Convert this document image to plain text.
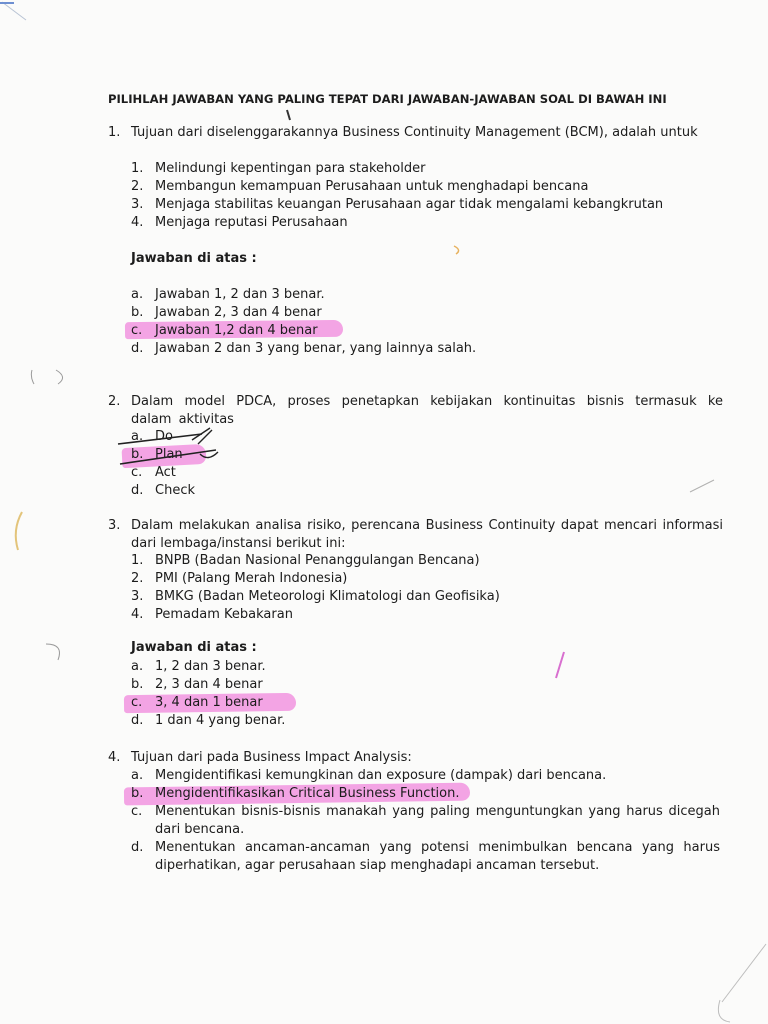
PILIHLAH JAWABAN YANG PALING TEPAT DARI JAWABAN-JAWABAN SOAL DI BAWAH INI
1. Tujuan dari diselenggarakannya Business Continuity Management (BCM), adalah untuk
1. Melindungi kepentingan para stakeholder
2. Membangun kemampuan Perusahaan untuk menghadapi bencana
3. Menjaga stabilitas keuangan Perusahaan agar tidak mengalami kebangkrutan
4. Menjaga reputasi Perusahaan
Jawaban di atas :
a. Jawaban 1, 2 dan 3 benar.
b. Jawaban 2, 3 dan 4 benar
c. Jawaban 1,2 dan 4 benar
d. Jawaban 2 dan 3 yang benar, yang lainnya salah.
2. Dalam model PDCA, proses penetapkan kebijakan kontinuitas bisnis termasuk ke dalam aktivitas
a. Do
b. Plan
c. Act
d. Check
3. Dalam melakukan analisa risiko, perencana Business Continuity dapat mencari informasi dari lembaga/instansi berikut ini:
1. BNPB (Badan Nasional Penanggulangan Bencana)
2. PMI (Palang Merah Indonesia)
3. BMKG (Badan Meteorologi Klimatologi dan Geofisika)
4. Pemadam Kebakaran
Jawaban di atas :
a. 1, 2 dan 3 benar.
b. 2, 3 dan 4 benar
c. 3, 4 dan 1 benar
d. 1 dan 4 yang benar.
4. Tujuan dari pada Business Impact Analysis:
a. Mengidentifikasi kemungkinan dan exposure (dampak) dari bencana.
b. Mengidentifikasikan Critical Business Function.
c. Menentukan bisnis-bisnis manakah yang paling menguntungkan yang harus dicegah dari bencana.
d. Menentukan ancaman-ancaman yang potensi menimbulkan bencana yang harus diperhatikan, agar perusahaan siap menghadapi ancaman tersebut.
